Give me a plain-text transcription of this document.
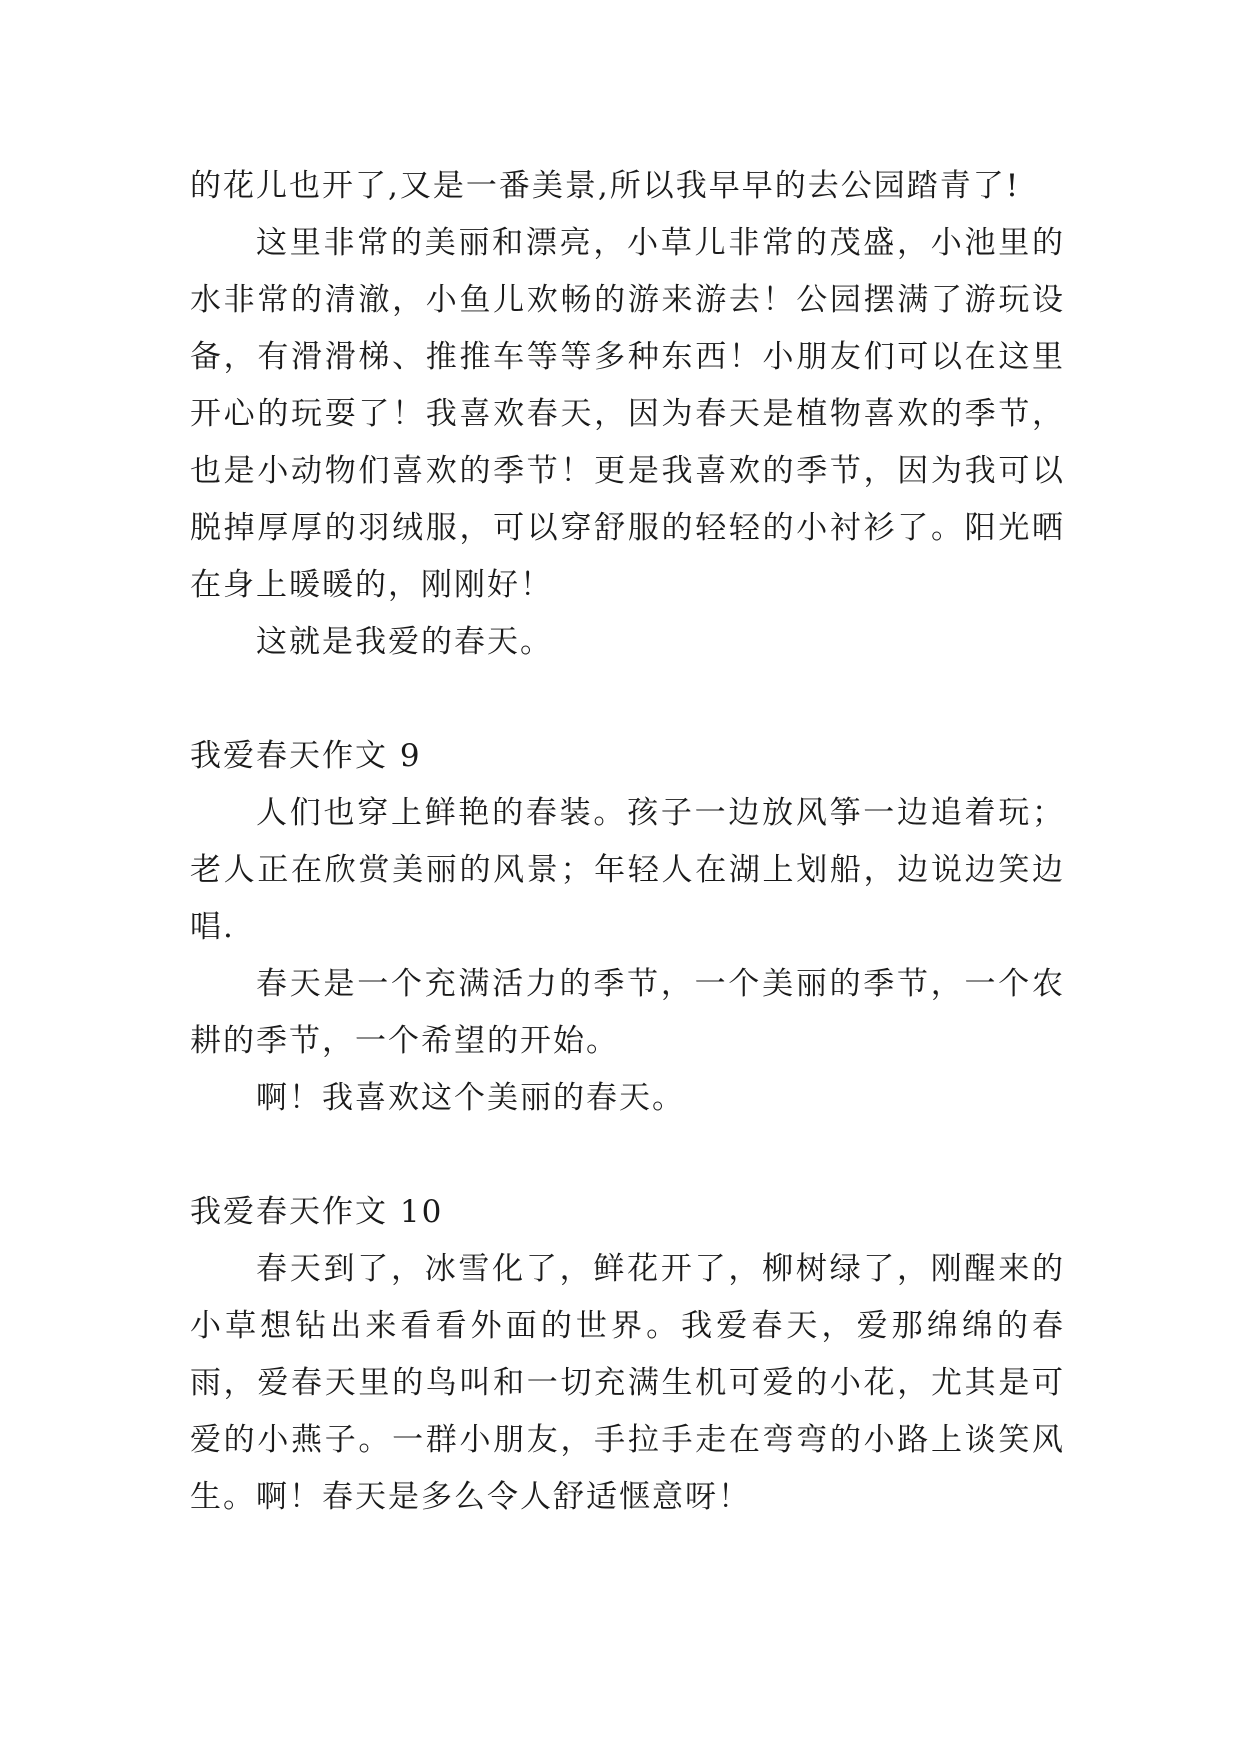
的花儿也开了,又是一番美景,所以我早早的去公园踏青了!

这里非常的美丽和漂亮，小草儿非常的茂盛，小池里的水非常的清澈，小鱼儿欢畅的游来游去！公园摆满了游玩设备，有滑滑梯、推推车等等多种东西！小朋友们可以在这里开心的玩耍了！我喜欢春天，因为春天是植物喜欢的季节，也是小动物们喜欢的季节！更是我喜欢的季节，因为我可以脱掉厚厚的羽绒服，可以穿舒服的轻轻的小衬衫了。阳光晒在身上暖暖的，刚刚好！

这就是我爱的春天。

我爱春天作文 9

人们也穿上鲜艳的春装。孩子一边放风筝一边追着玩；老人正在欣赏美丽的风景；年轻人在湖上划船，边说边笑边唱.

春天是一个充满活力的季节，一个美丽的季节，一个农耕的季节，一个希望的开始。

啊！我喜欢这个美丽的春天。

我爱春天作文 10

春天到了，冰雪化了，鲜花开了，柳树绿了，刚醒来的小草想钻出来看看外面的世界。我爱春天，爱那绵绵的春雨，爱春天里的鸟叫和一切充满生机可爱的小花，尤其是可爱的小燕子。一群小朋友，手拉手走在弯弯的小路上谈笑风生。啊！春天是多么令人舒适惬意呀！
